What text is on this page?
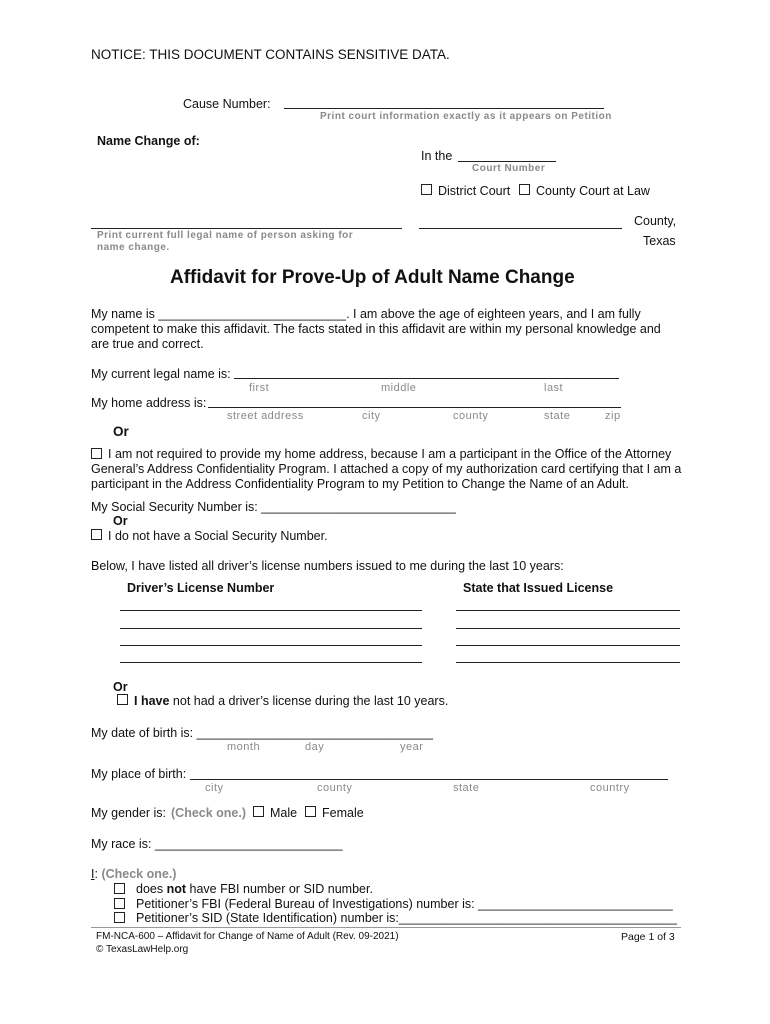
NOTICE: THIS DOCUMENT CONTAINS SENSITIVE DATA.
Cause Number:
Print court information exactly as it appears on Petition
Name Change of:
In the
Court Number
District Court County Court at Law
Print current full legal name of person asking for name change.
County,
Texas
Affidavit for Prove-Up of Adult Name Change
My name is ___________________________. I am above the age of eighteen years, and I am fully
competent to make this affidavit. The facts stated in this affidavit are within my personal knowledge and
are true and correct.
My current legal name is:
first	middle	last
My home address is:
street address	city	county	state	zip
Or
I am not required to provide my home address, because I am a participant in the Office of the Attorney
General’s Address Confidentiality Program. I attached a copy of my authorization card certifying that I am a
participant in the Address Confidentiality Program to my Petition to Change the Name of an Adult.
My Social Security Number is: ____________________________
Or
I do not have a Social Security Number.
Below, I have listed all driver’s license numbers issued to me during the last 10 years:
Driver’s License Number	State that Issued License
Or
I have not had a driver’s license during the last 10 years.
My date of birth is: __________________________________
month	day	year
My place of birth:
city	county	state	country
My gender is: (Check one.) Male Female
My race is: ___________________________
I: (Check one.)
does not have FBI number or SID number.
Petitioner’s FBI (Federal Bureau of Investigations) number is: ____________________________
Petitioner’s SID (State Identification) number is:________________________________________
FM-NCA-600 – Affidavit for Change of Name of Adult (Rev. 09-2021)
© TexasLawHelp.org
Page 1 of 3
